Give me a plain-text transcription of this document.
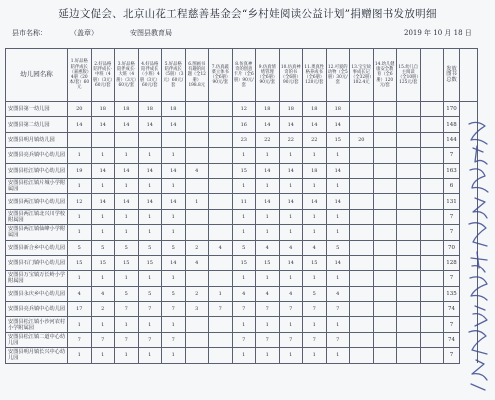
延边文促会、北京山花工程慈善基金会“乡村娃阅读公益计划”捐赠图书发放明细
县市名称：	（盖章）	安图县教育局	2019 年 10 月 18 日
幼儿园名称	1.好品格陪伴成长（嘉惠版）4册（20本/套）60元	2.好品格陪伴成长·中班（4册）（3元）60元/套	3.好品格陪伴成长·大班（4册）（3元）60元/套	4.好品格陪伴成长（小班）4册（3元）60元/套	5.好品格陪伴成长（5册）（3元）60元/套	6.图画书有趣的问题（全12册）198.8元	7.仿真蔬菜立体书（全6册）90元/套	8.仿真神奇的创意卡片（全6册）90元/套	9.仿真情绪管理（全6册）90元/套	10.仿真神奇的书（全6册）90元/套	11.奥真性格养成书（全6册）120元/套	12.可爱的动物（全5册）30元/套	13.宝宝故事成长记（全32册）102.4元	14.幼儿健康安全教育（全6册）120元/套	15.幼儿自主阅读（全10册）125元/套		发放图书总数	
安图县第一幼儿园	20	18	18	18	18			12	18	18	18	18					170	
安图县第二幼儿园	14	14	14	14	14			16	14	14	14	14					148	
安图县明月镇幼儿园								23	22	22	22	15	20				144	
安图县亮兵镇中心幼儿园	1	1	1	1	1			1	1	1	1	1					7	
安图县松江镇中心幼儿园	19	14	14	14	14	4		15	14	14	18	14					163	
安图县松江镇片城小学附属园	1	1	1	1	1			1	1	1	1	1					6	
安图县两江镇中心幼儿园	12	14	14	14	14	1		11	14	14	14	14					131	
安图县两江镇北兴川学校附属园	1	1	1	1	1			1	1	1	1	1					7	
安图县两江镇仙峰小学附属园	1	1	1	1	1			1	1	1	1	1					7	
安图县新合乡中心幼儿园	5	5	5	5	5	2	4	5	4	4	4	5					70	
安图县石门镇中心幼儿园	15	15	15	15	14	4		15	15	14	15	14					128	
安图县万宝镇万长岭小学附属园	1	1	1	1	1			1	1	1	1	1					7	
安图县永庆乡中心幼儿园	4	4	5	5	5	2	1	4	4	4	5	4					135	
安图县亮兵镇中心幼儿园	17	2	7	7	7	3	7	7	7	7	7	7					74	
安图县松江镇小沙河农村小学附属园	1	1	1	1	1			1	1	1	1	1					7	
安图县松江镇二道中心幼儿园	7	7	7	7	7			7	7	7	7	7					74	
安图县明月镇长兴中心幼儿园	1	1	1	1	1			1	1	1	1	1					7	
